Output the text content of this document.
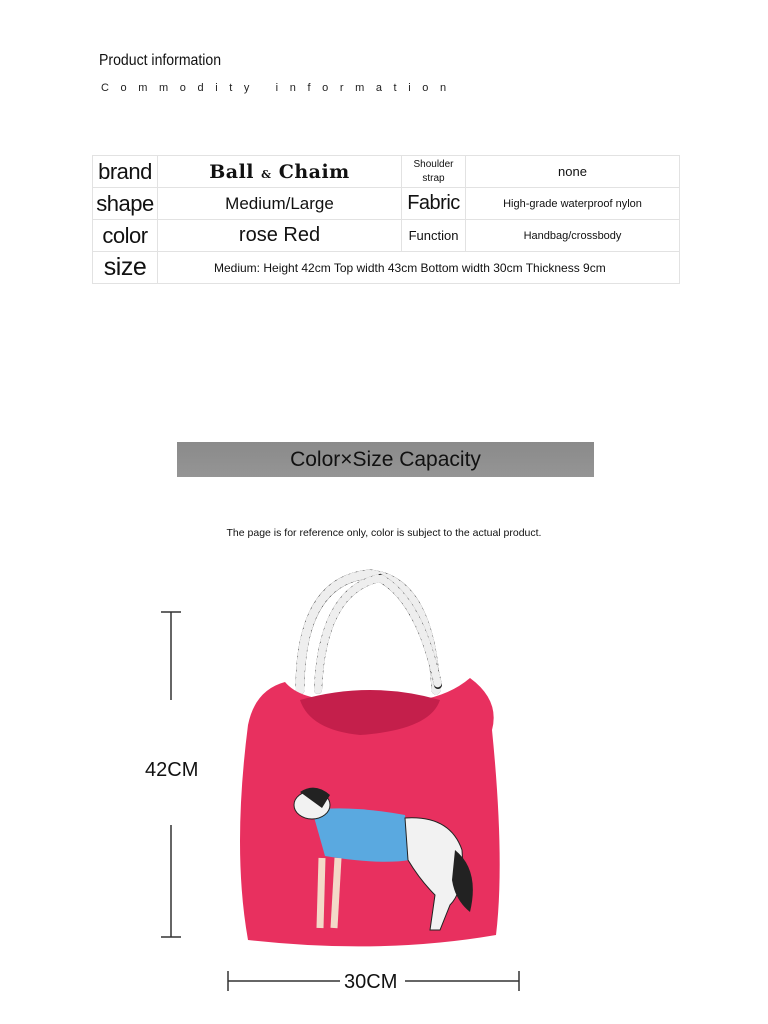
Product information
Commodity information
brand	Ball & Chaim	Shoulder strap	none
shape	Medium/Large	Fabric	High-grade waterproof nylon
color	rose Red	Function	Handbag/crossbody
size	Medium: Height 42cm Top width 43cm Bottom width 30cm Thickness 9cm		
Color×Size Capacity
The page is for reference only, color is subject to the actual product.
42CM
30CM
